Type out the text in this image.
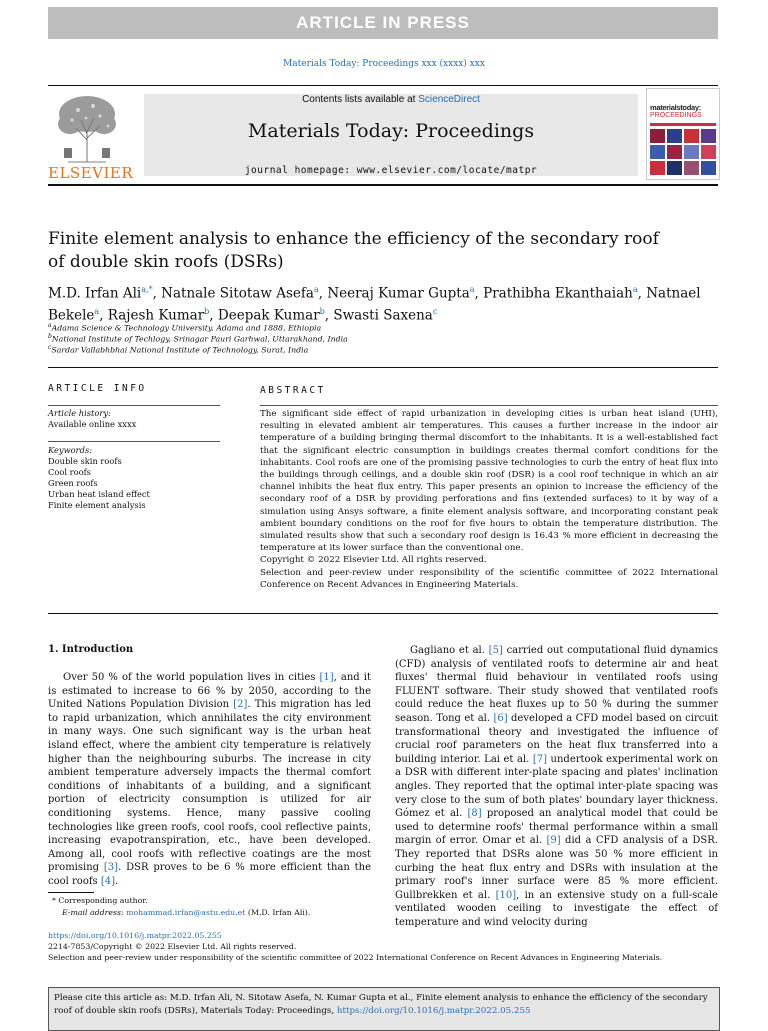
ARTICLE IN PRESS
Materials Today: Proceedings xxx (xxxx) xxx
Contents lists available at ScienceDirect
Materials Today: Proceedings
journal homepage: www.elsevier.com/locate/matpr
ELSEVIER
materialstoday:
PROCEEDINGS
Finite element analysis to enhance the efficiency of the secondary roof of double skin roofs (DSRs)
M.D. Irfan Ali$^{a,*}$, Natnale Sitotaw Asefa$^a$, Neeraj Kumar Gupta$^a$, Prathibha Ekanthaiah$^a$, Natnael Bekele$^a$, Rajesh Kumar$^b$, Deepak Kumar$^b$, Swasti Saxena$^c$
$^a$Adama Science & Technology University, Adama and 1888, Ethiopia
$^b$National Institute of Techlogy, Srinagar Pauri Garhwal, Uttarakhand, India
$^c$Sardar Vallabhbhai National Institute of Technology, Surat, India
ARTICLE INFO
Article history:
Available online xxxx
Keywords:
Double skin roofs
Cool roofs
Green roofs
Urban heat island effect
Finite element analysis
ABSTRACT

The significant side effect of rapid urbanization in developing cities is urban heat island (UHI), resulting in elevated ambient air temperatures. This causes a further increase in the indoor air temperature of a building bringing thermal discomfort to the inhabitants. It is a well-established fact that the significant electric consumption in buildings creates thermal comfort conditions for the inhabitants. Cool roofs are one of the promising passive technologies to curb the entry of heat flux into the buildings through ceilings, and a double skin roof (DSR) is a cool roof technique in which an air channel inhibits the heat flux entry. This paper presents an opinion to increase the efficiency of the secondary roof of a DSR by providing perforations and fins (extended surfaces) to it by way of a simulation using Ansys software, a finite element analysis software, and incorporating constant peak ambient boundary conditions on the roof for five hours to obtain the temperature distribution. The simulated results show that such a secondary roof design is 16.43 % more efficient in decreasing the temperature at its lower surface than the conventional one.

Copyright © 2022 Elsevier Ltd. All rights reserved.

Selection and peer-review under responsibility of the scientific committee of 2022 International Conference on Recent Advances in Engineering Materials.

1. Introduction

Over 50 % of the world population lives in cities [1], and it is estimated to increase to 66 % by 2050, according to the United Nations Population Division [2]. This migration has led to rapid urbanization, which annihilates the city environment in many ways. One such significant way is the urban heat island effect, where the ambient city temperature is relatively higher than the neighbouring suburbs. The increase in city ambient temperature adversely impacts the thermal comfort conditions of inhabitants of a building, and a significant portion of electricity consumption is utilized for air conditioning systems. Hence, many passive cooling technologies like green roofs, cool roofs, cool reflective paints, increasing evapotranspiration, etc., have been developed. Among all, cool roofs with reflective coatings are the most promising [3]. DSR proves to be 6 % more efficient than the cool roofs [4].

Gagliano et al. [5] carried out computational fluid dynamics (CFD) analysis of ventilated roofs to determine air and heat fluxes' thermal fluid behaviour in ventilated roofs using FLUENT software. Their study showed that ventilated roofs could reduce the heat fluxes up to 50 % during the summer season. Tong et al. [6] developed a CFD model based on circuit transformational theory and investigated the influence of crucial roof parameters on the heat flux transferred into a building interior. Lai et al. [7] undertook experimental work on a DSR with different inter-plate spacing and plates' inclination angles. They reported that the optimal inter-plate spacing was very close to the sum of both plates' boundary layer thickness. Gómez et al. [8] proposed an analytical model that could be used to determine roofs' thermal performance within a small margin of error. Omar et al. [9] did a CFD analysis of a DSR. They reported that DSRs alone was 50 % more efficient in curbing the heat flux entry and DSRs with insulation at the primary roof's inner surface were 85 % more efficient. Gullbrekken et al. [10], in an extensive study on a full-scale ventilated wooden ceiling to investigate the effect of temperature and wind velocity during

* Corresponding author.
E-mail address: mohammad.irfan@astu.edu.et (M.D. Irfan Ali).
https://doi.org/10.1016/j.matpr.2022.05.255
2214-7853/Copyright © 2022 Elsevier Ltd. All rights reserved.
Selection and peer-review under responsibility of the scientific committee of 2022 International Conference on Recent Advances in Engineering Materials.
Please cite this article as: M.D. Irfan Ali, N. Sitotaw Asefa, N. Kumar Gupta et al., Finite element analysis to enhance the efficiency of the secondary roof of double skin roofs (DSRs), Materials Today: Proceedings, https://doi.org/10.1016/j.matpr.2022.05.255
